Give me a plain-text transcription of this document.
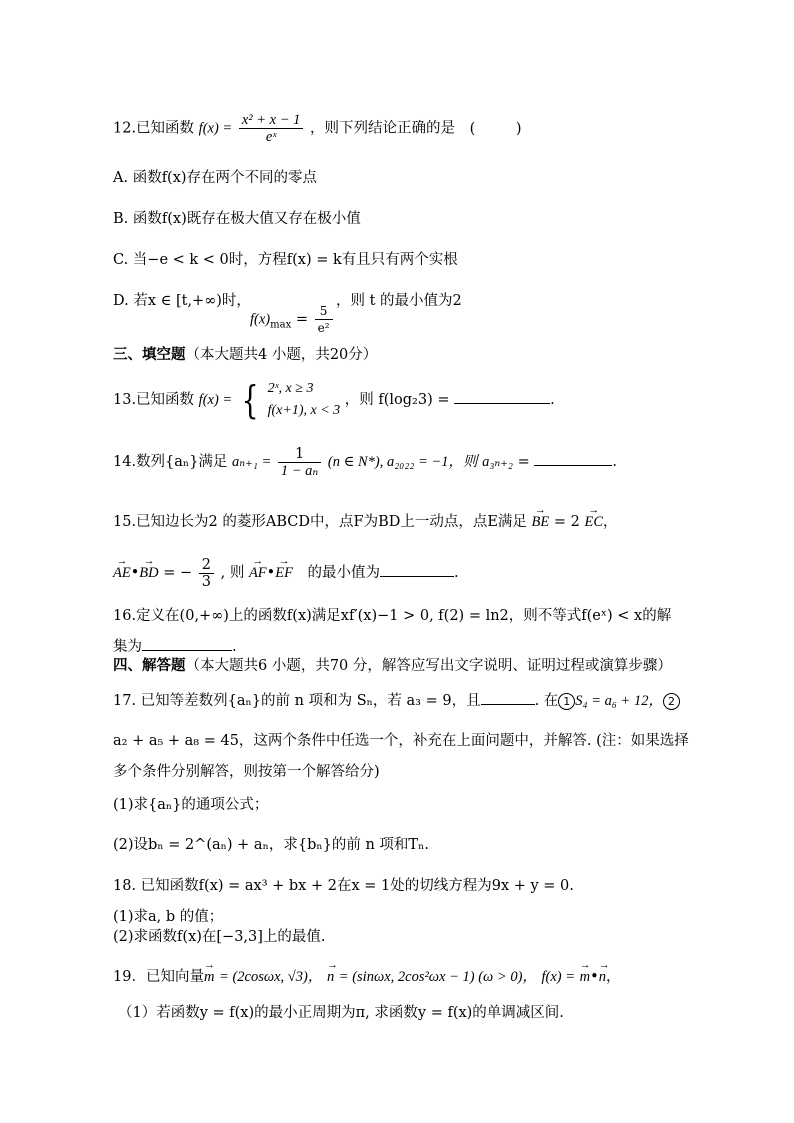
12.已知函数 $f(x) = \frac{\text{x² + x − 1}}{\text{eˣ}}$ ，则下列结论正确的是 ( )
A. 函数f(x)存在两个不同的零点
B. 函数f(x)既存在极大值又存在极小值
C. 当−e < k < 0时，方程f(x) = k有且只有两个实根
D. 若x ∈ [t,+∞)时，
$f(x)_{max} = \frac{5}{\text{e²}}$
，则 t 的最小值为2
三、填空题（本大题共4 小题，共20分）
13.已知函数 f(x) = { 2ˣ, x ≥ 3
f(x+1), x < 3
，则 f(log₂3) =	.
14.数列{aₙ}满足 $a_{n+1} = \frac{1}{\text{1 − aₙ}} (n$ ∈ N*), a₂₀₂₂ = −1，则 a₃ₙ₊₂ =	.
15.已知边长为2 的菱形ABCD中，点F为BD上一动点，点E满足 → BE = 2 → EC，
→ AE•→ BD = − $\frac{2}{3}$ , 则 → AF•→ EF 的最小值为	.
16.定义在(0,+∞)上的函数f(x)满足xf′(x)−1 > 0, f(2) = ln2，则不等式f(eˣ) < x的解
集为	.
四、解答题（本大题共6 小题，共70 分，解答应写出文字说明、证明过程或演算步骤）
17. 已知等差数列{aₙ}的前 n 项和为 Sₙ，若 a₃ = 9，且	. 在 1 S₄ = a₆ + 12， 2
a₂ + a₅ + a₈ = 45，这两个条件中任选一个，补充在上面问题中，并解答. (注：如果选择
多个条件分别解答，则按第一个解答给分)
(1)求{aₙ}的通项公式；
(2)设bₙ = 2^(aₙ) + aₙ，求{bₙ}的前 n 项和Tₙ.
18. 已知函数f(x) = ax³ + bx + 2在x = 1处的切线方程为9x + y = 0.
(1)求a, b 的值；
(2)求函数f(x)在[−3,3]上的最值.
19．已知向量→ m = (2cosωx, √3)， → n = (sinωx, 2cos²ωx − 1) (ω > 0)， f(x) = → m•→ n，
（1）若函数y = f(x)的最小正周期为π, 求函数y = f(x)的单调减区间.
